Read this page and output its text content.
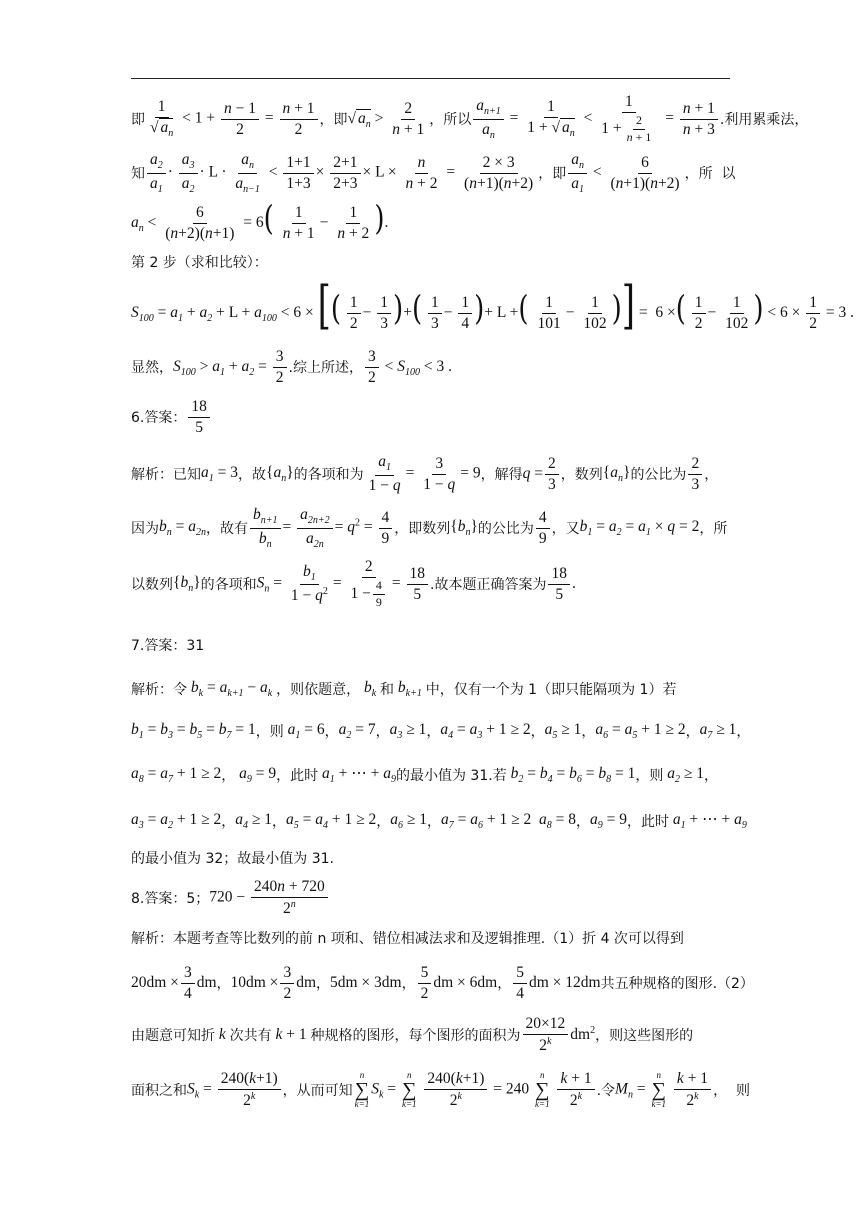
即 $\frac{1}{√ a_n} < 1 + \frac{n - 1}{2} = \frac{n + 1}{2}$ ，即 √ $a_n > \frac{2}{n + 1}$ ，所以 $\frac{a_{n+1}}{a_n} = \frac{1}{1 + √ a_n} < \frac{1}{1 + \frac{2}{n + 1}} = \frac{n + 1}{n + 3}$ .利用累乘法，
知 $\frac{a_2}{a_1} \cdot \frac{a_3}{a_2} \cdot L \cdot \frac{a_n}{a_{n-1}} < \frac{1+1}{1+3} \times \frac{2+1}{2+3} \times L \times \frac{n}{n + 2} = \frac{2 \times 3}{(n+1)(n+2)}$ ， 即 $\frac{a_n}{a_1} < \frac{6}{(n+1)(n+2)}$ ， 所  以
$a_n < \frac{6}{(n+2)(n+1)} = 6( \frac{1}{n + 1} - \frac{1}{n + 2}$ ).
第 2 步（求和比较）：
$S_{100} = a_1 + a_2 + L + a_{100} < 6$ × [( $\frac{1}{2} - \frac{1}{3}$ )+( $\frac{1}{3} - \frac{1}{4}$ )+ L +( $\frac{1}{101} - \frac{1}{102}$ )] =  6 ×( $\frac{1}{2} - \frac{1}{102}$ ) < $6 \times \frac{1}{2} = 3$ .
显然， $S_{100} > a_1 + a_2 = \frac{3}{2}$ .综上所述， $\frac{3}{2} < S_{100} < 3$ .
6.答案： $\frac{18}{5}$
解析：已知 $a_1 = 3$ ，故 $\{a_n\}$ 的各项和为 $\frac{a_1}{1 - q} = \frac{3}{1 - q} = 9$ ，解得 $q = \frac{2}{3}$ ，数列 $\{a_n\}$ 的公比为 $\frac{2}{3}$ ，
因为 $b_n = a_{2n}$ ，故有 $\frac{b_{n+1}}{b_n} = \frac{a_{2n+2}}{a_{2n}} = q^2 = \frac{4}{9}$ ，即数列 $\{b_n\}$ 的公比为 $\frac{4}{9}$ ，又 $b_1 = a_2 = a_1 \times q = 2$ ，所
以数列 $\{b_n\}$ 的各项和 $S_n = \frac{b_1}{1 - q^2} = \frac{2}{1 - \frac{4}{9}} = \frac{18}{5}$ .故本题正确答案为 $\frac{18}{5}$ .
7.答案：31
解析：令 $b_k = a_{k+1} - a_k$ ，则依题意， $b_k$ 和 $b_{k+1}$ 中，仅有一个为 1（即只能隔项为 1）若
$b_1 = b_3 = b_5 = b_7 = 1$ ，则 $a_1 = 6$ ， $a_2 = 7$ ， $a_3 \ge 1$ ， $a_4 = a_3 + 1 \ge 2$ ， $a_5 \ge 1$ ， $a_6 = a_5 + 1 \ge 2$ ， $a_7 \ge 1$ ，
$a_8 = a_7 + 1 \ge 2$ ， $a_9 = 9$ ，此时 $a_1$ + ⋯ + $a_9$ 的最小值为 31.若 $b_2 = b_4 = b_6 = b_8 = 1$ ，则 $a_2 \ge 1$ ，
$a_3 = a_2 + 1 \ge 2$ ， $a_4 \ge 1$ ， $a_5 = a_4 + 1 \ge 2$ ， $a_6 \ge 1$ ， $a_7 = a_6 + 1 \ge 2$  $a_8 = 8$ ， $a_9 = 9$ ，此时 $a_1$ + ⋯ + $a_9$
的最小值为 32；故最小值为 31.
8.答案：5； $720 - \frac{240n + 720}{2^n}$
解析：本题考查等比数列的前 n 项和、错位相减法求和及逻辑推理.（1）折 4 次可以得到
$20dm \times \frac{3}{4}$ dm ， $10dm \times \frac{3}{2}$ dm ， 5dm × 3dm ， $\frac{5}{2}$ dm × 6dm ， $\frac{5}{4}$ dm × 12dm 共五种规格的图形.（2）
由题意可知折 k 次共有 k + 1 种规格的图形，每个图形的面积为 $\frac{20\times 12}{2^k} dm^2$ ，则这些图形的
面积之和 $S_k = \frac{240(k+1)}{2^k}$ ，从而可知
n
∑
k=1
$S_k$ =
n
∑
k=1
$\frac{240(k+1)}{2^k} = 240$
n
∑
k=1
$\frac{k + 1}{2^k}$ .令 $M_n$ =
n
∑
k=1
$\frac{k + 1}{2^k}$ ，  则
